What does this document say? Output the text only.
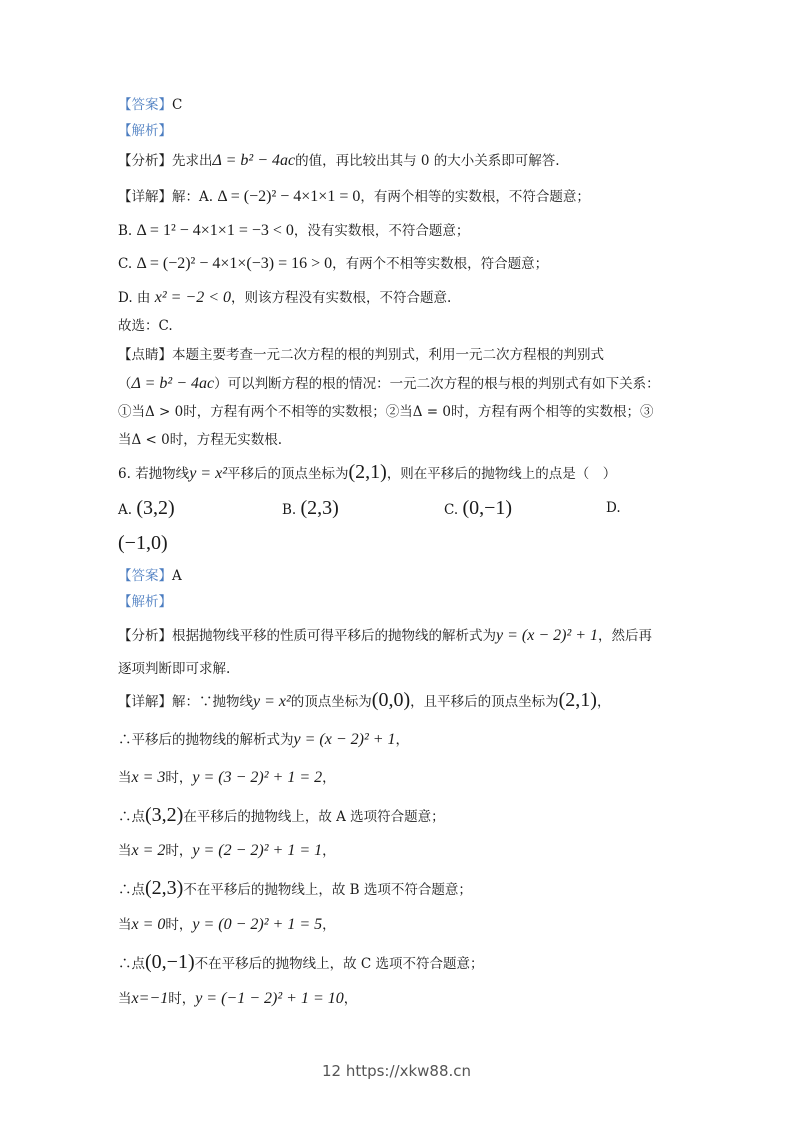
【答案】C
【解析】
【分析】先求出Δ = b² − 4ac的值，再比较出其与 0 的大小关系即可解答.
【详解】解：A. Δ = (−2)² − 4×1×1 = 0，有两个相等的实数根，不符合题意；
B. Δ = 1² − 4×1×1 = −3 < 0，没有实数根，不符合题意；
C. Δ = (−2)² − 4×1×(−3) = 16 > 0，有两个不相等实数根，符合题意；
D. 由 x² = −2 < 0，则该方程没有实数根，不符合题意.
故选：C.
【点睛】本题主要考查一元二次方程的根的判别式，利用一元二次方程根的判别式
（Δ = b² − 4ac）可以判断方程的根的情况：一元二次方程的根与根的判别式有如下关系：
①当Δ > 0时，方程有两个不相等的实数根；②当Δ = 0时，方程有两个相等的实数根；③
当Δ < 0时，方程无实数根.
6. 若抛物线y = x²平移后的顶点坐标为(2,1)，则在平移后的抛物线上的点是（　）
A. (3,2)	B. (2,3)	C. (0,−1)	D.
(−1,0)
【答案】A
【解析】
【分析】根据抛物线平移的性质可得平移后的抛物线的解析式为y = (x − 2)² + 1，然后再
逐项判断即可求解.
【详解】解：∵抛物线y = x²的顶点坐标为(0,0)，且平移后的顶点坐标为(2,1)，
∴平移后的抛物线的解析式为y = (x − 2)² + 1，
当x = 3时，y = (3 − 2)² + 1 = 2，
∴点(3,2)在平移后的抛物线上，故 A 选项符合题意；
当x = 2时，y = (2 − 2)² + 1 = 1，
∴点(2,3)不在平移后的抛物线上，故 B 选项不符合题意；
当x = 0时，y = (0 − 2)² + 1 = 5，
∴点(0,−1)不在平移后的抛物线上，故 C 选项不符合题意；
当x=−1时，y = (−1 − 2)² + 1 = 10，
12 https://xkw88.cn
